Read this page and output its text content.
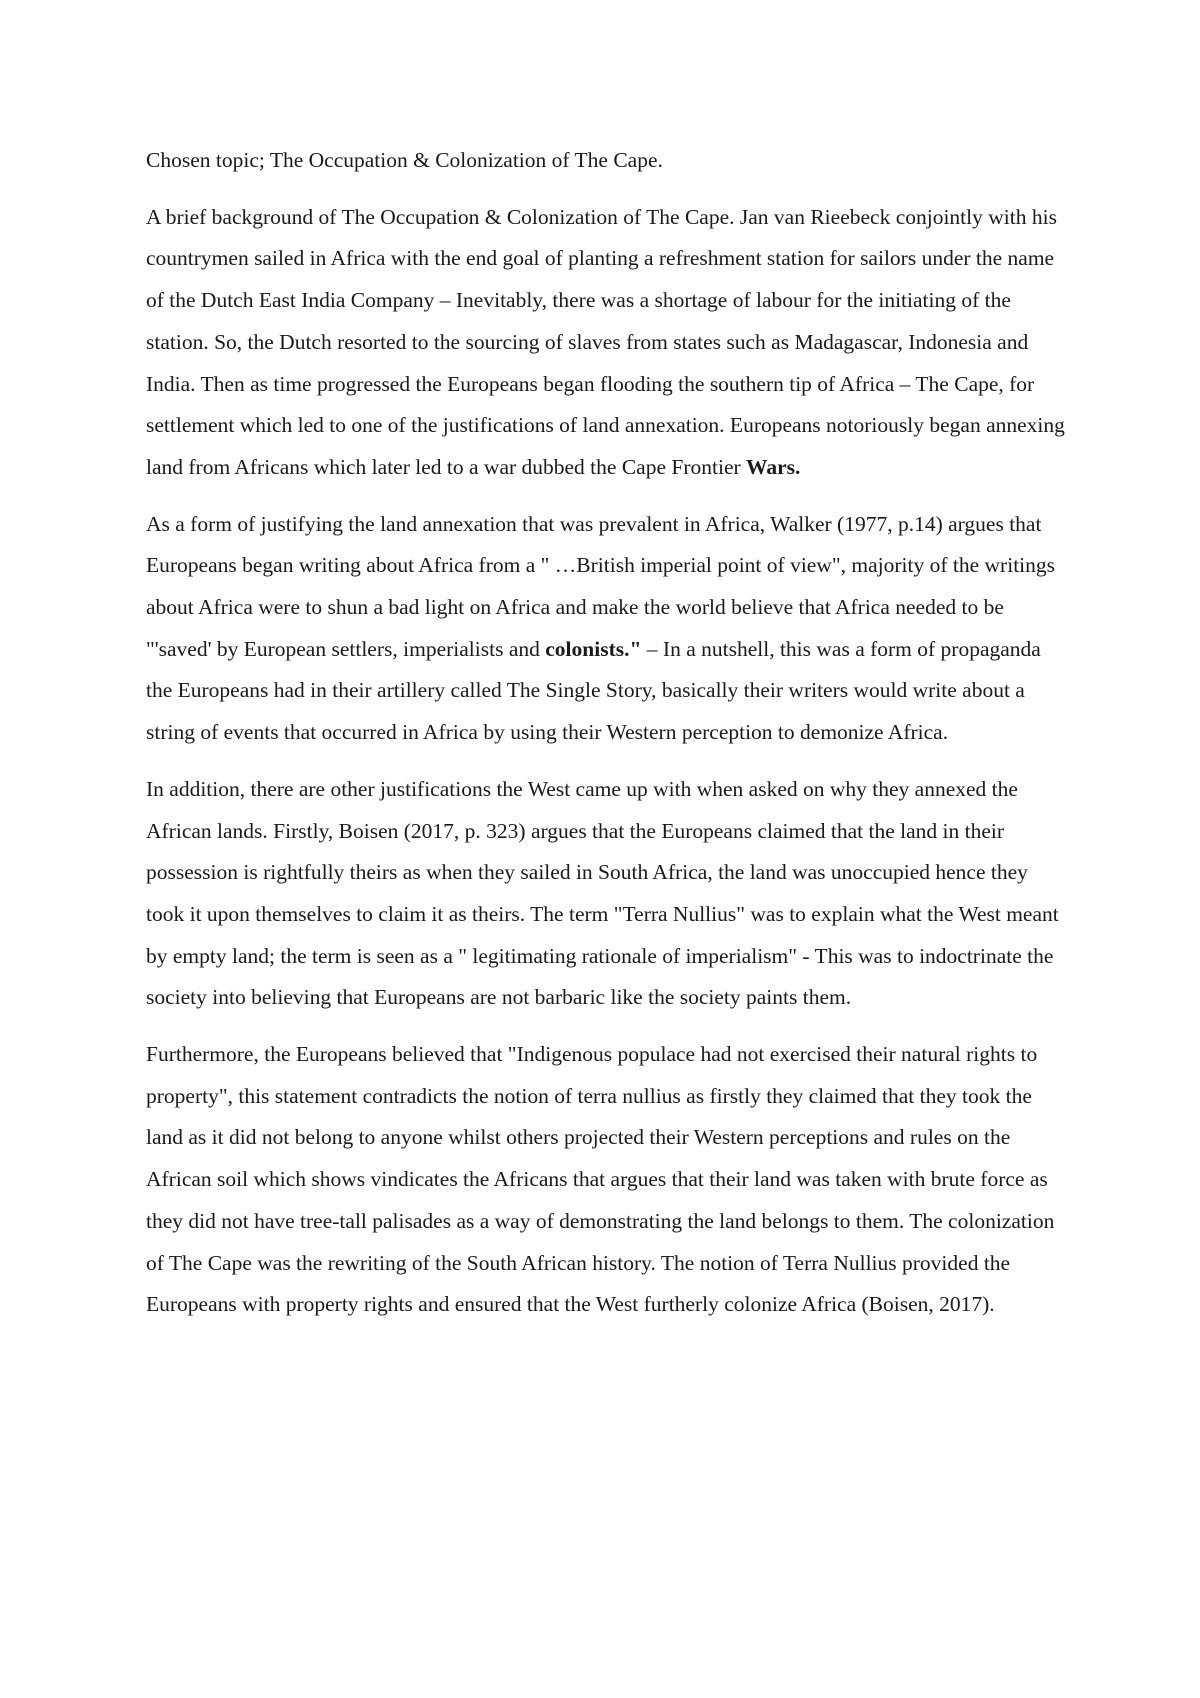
Chosen topic; The Occupation & Colonization of The Cape.

A brief background of The Occupation & Colonization of The Cape. Jan van Rieebeck conjointly with his countrymen sailed in Africa with the end goal of planting a refreshment station for sailors under the name of the Dutch East India Company – Inevitably, there was a shortage of labour for the initiating of the station. So, the Dutch resorted to the sourcing of slaves from states such as Madagascar, Indonesia and India. Then as time progressed the Europeans began flooding the southern tip of Africa – The Cape, for settlement which led to one of the justifications of land annexation. Europeans notoriously began annexing land from Africans which later led to a war dubbed the Cape Frontier Wars.

As a form of justifying the land annexation that was prevalent in Africa, Walker (1977, p.14) argues that Europeans began writing about Africa from a " …British imperial point of view", majority of the writings about Africa were to shun a bad light on Africa and make the world believe that Africa needed to be "'saved' by European settlers, imperialists and colonists." – In a nutshell, this was a form of propaganda the Europeans had in their artillery called The Single Story, basically their writers would write about a string of events that occurred in Africa by using their Western perception to demonize Africa.

In addition, there are other justifications the West came up with when asked on why they annexed the African lands. Firstly, Boisen (2017, p. 323) argues that the Europeans claimed that the land in their possession is rightfully theirs as when they sailed in South Africa, the land was unoccupied hence they took it upon themselves to claim it as theirs. The term "Terra Nullius" was to explain what the West meant by empty land; the term is seen as a " legitimating rationale of imperialism" - This was to indoctrinate the society into believing that Europeans are not barbaric like the society paints them.

Furthermore, the Europeans believed that "Indigenous populace had not exercised their natural rights to property", this statement contradicts the notion of terra nullius as firstly they claimed that they took the land as it did not belong to anyone whilst others projected their Western perceptions and rules on the African soil which shows vindicates the Africans that argues that their land was taken with brute force as they did not have tree-tall palisades as a way of demonstrating the land belongs to them. The colonization of The Cape was the rewriting of the South African history. The notion of Terra Nullius provided the Europeans with property rights and ensured that the West furtherly colonize Africa (Boisen, 2017).
